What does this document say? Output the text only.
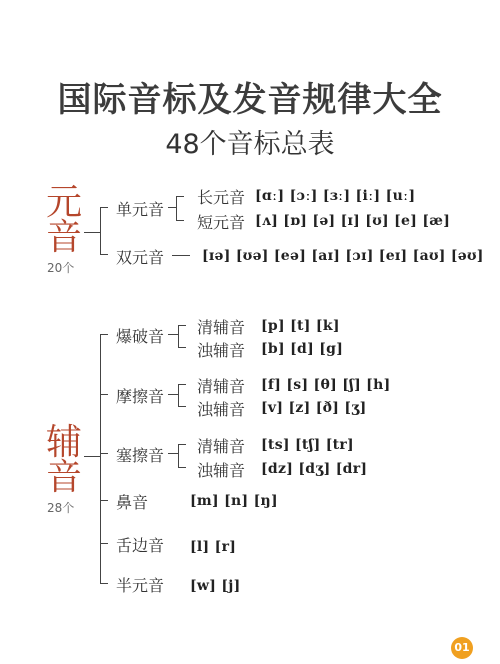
国际音标及发音规律大全
48个音标总表
元
音
20个
单元音
长元音 [ɑː] [ɔː] [ɜː] [iː] [uː]
短元音 [ʌ] [ɒ] [ə] [ɪ] [ʊ] [e] [æ]
双元音	[ɪə] [ʊə] [eə] [aɪ] [ɔɪ] [eɪ] [aʊ] [əʊ]
辅
音
28个
爆破音 清辅音 [p] [t] [k]
浊辅音 [b] [d] [g]
摩擦音
清辅音 [f] [s] [θ] [ʃ] [h]
浊辅音 [v] [z] [ð] [ʒ]
塞擦音 清辅音 [ts] [tʃ] [tr]
浊辅音 [dz] [dʒ] [dr]
鼻音	[m] [n] [ŋ]
舌边音 [l] [r]
半元音 [w] [j]
01
